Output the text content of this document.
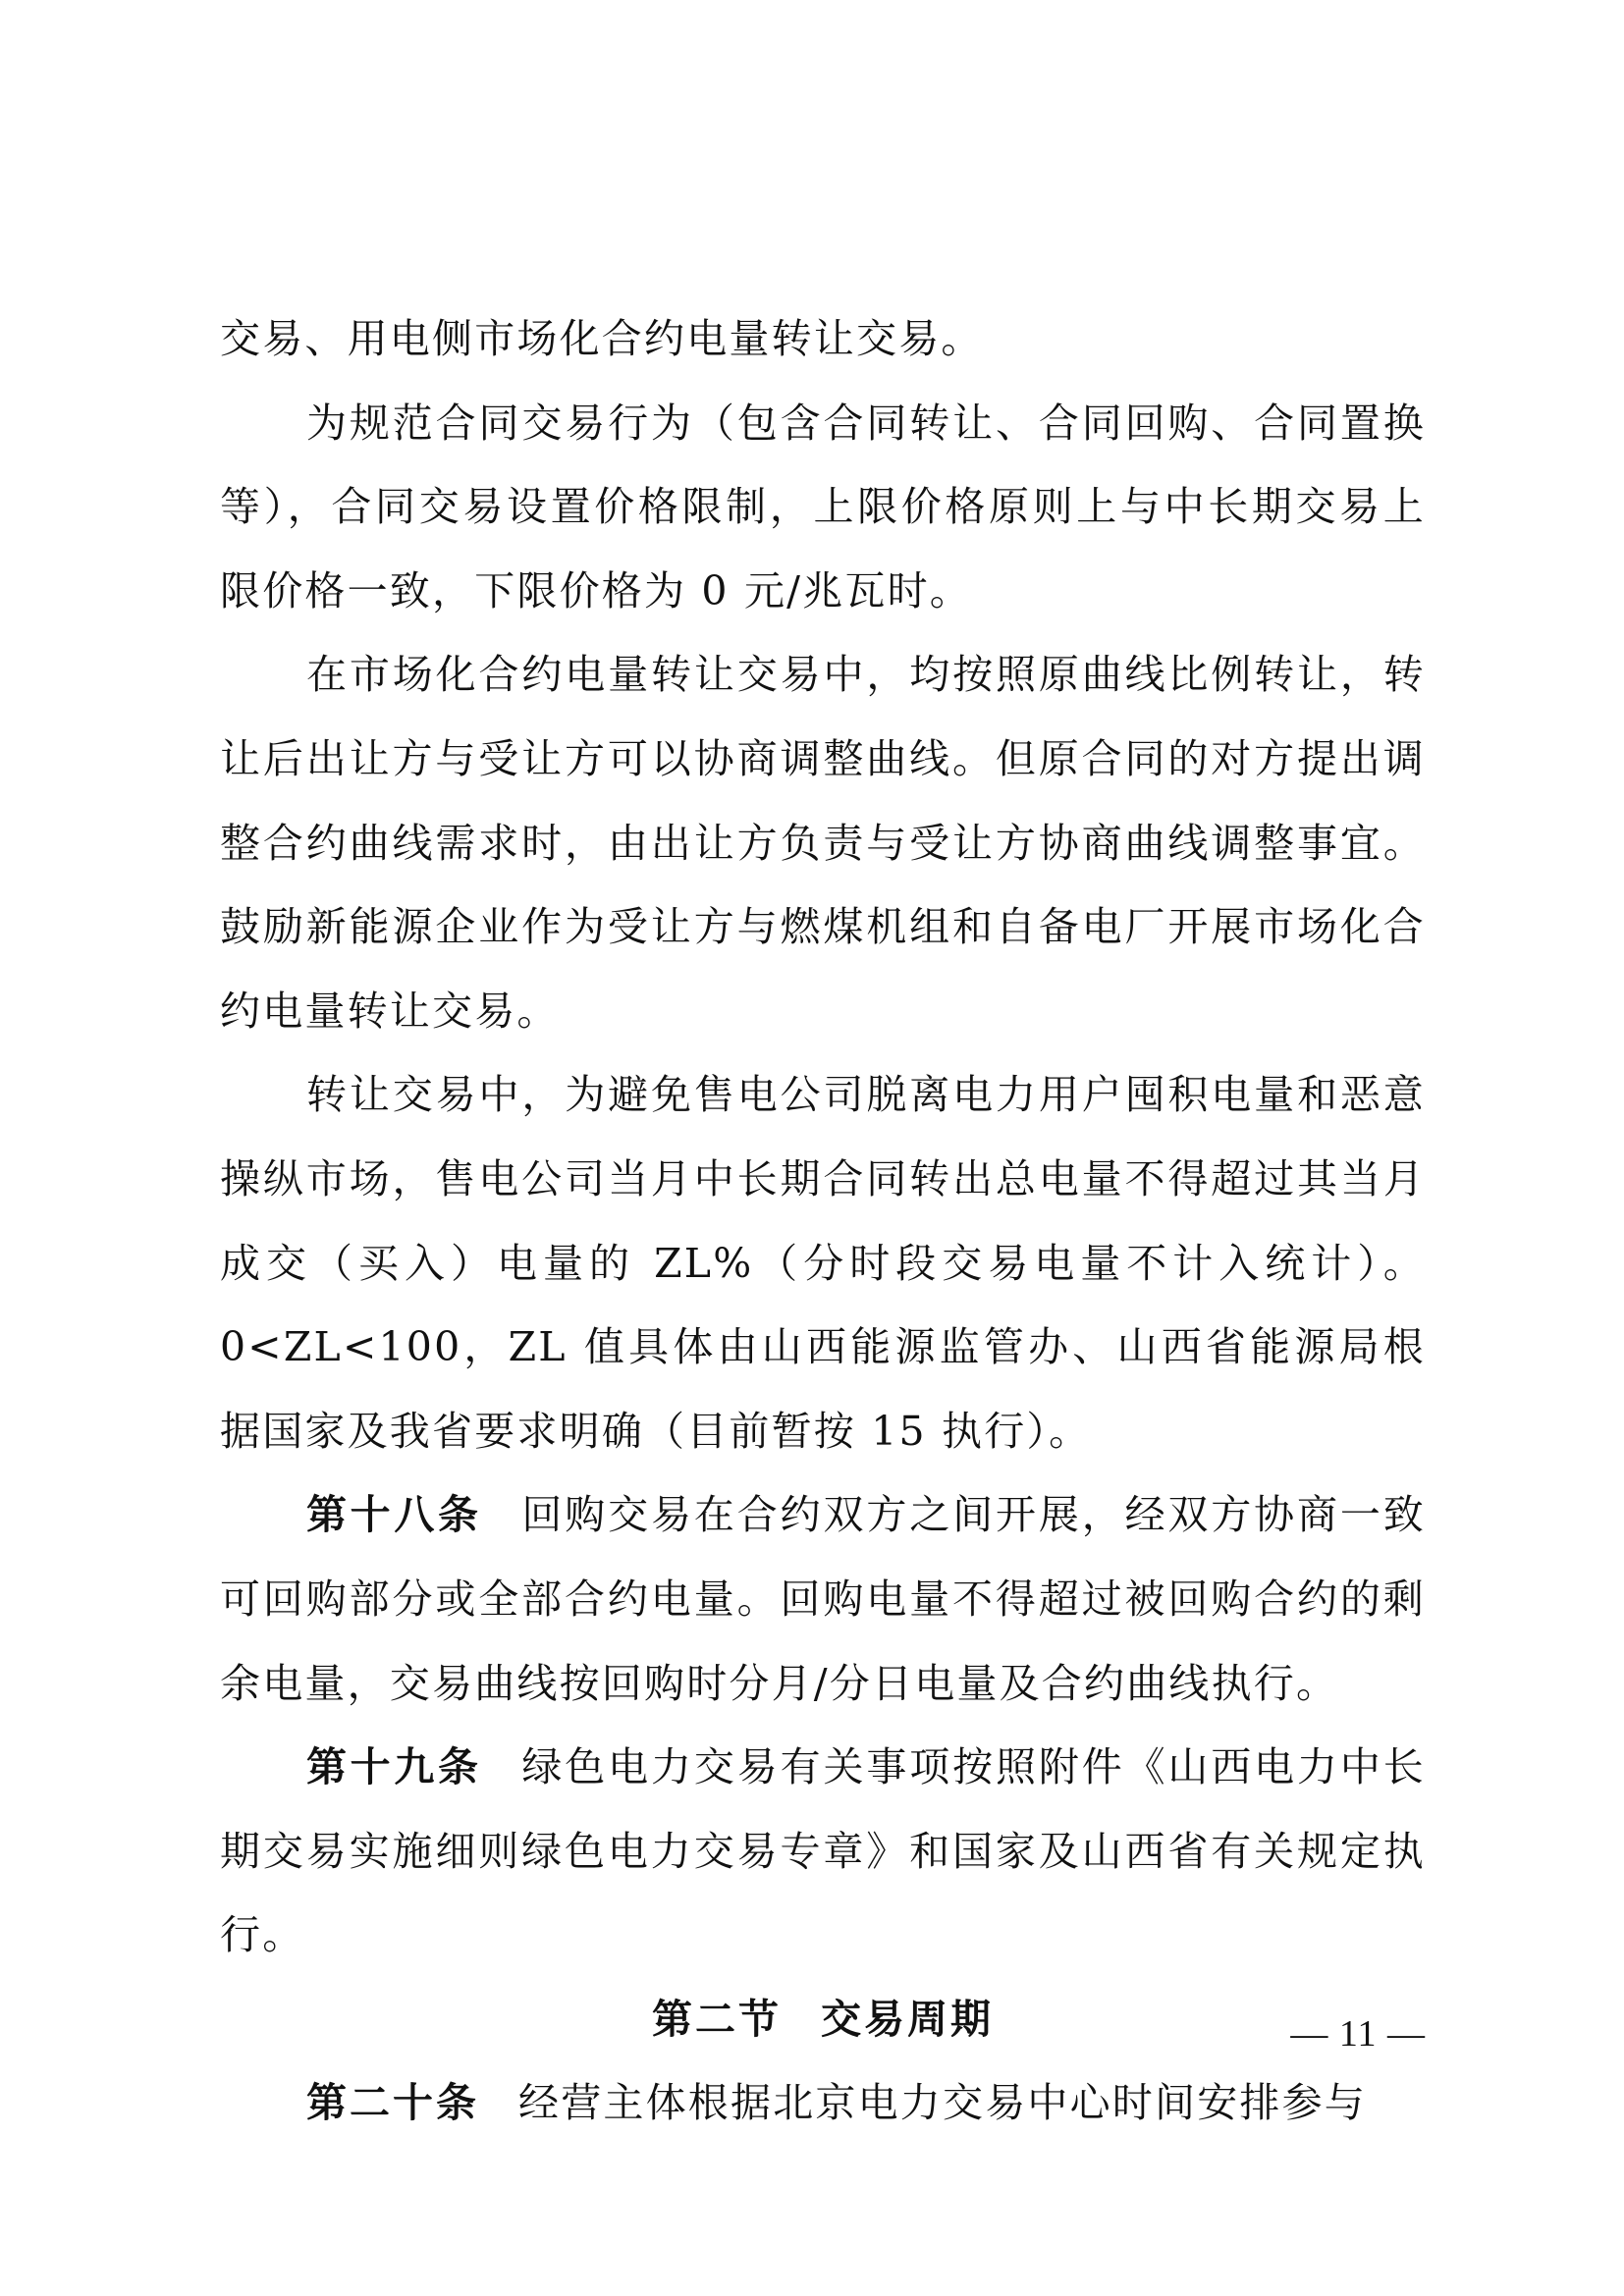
交易、用电侧市场化合约电量转让交易。

为规范合同交易行为（包含合同转让、合同回购、合同置换等），合同交易设置价格限制，上限价格原则上与中长期交易上限价格一致，下限价格为 0 元/兆瓦时。

在市场化合约电量转让交易中，均按照原曲线比例转让，转让后出让方与受让方可以协商调整曲线。但原合同的对方提出调整合约曲线需求时，由出让方负责与受让方协商曲线调整事宜。鼓励新能源企业作为受让方与燃煤机组和自备电厂开展市场化合约电量转让交易。

转让交易中，为避免售电公司脱离电力用户囤积电量和恶意操纵市场，售电公司当月中长期合同转出总电量不得超过其当月成交（买入）电量的 ZL%（分时段交易电量不计入统计）。0<ZL<100，ZL 值具体由山西能源监管办、山西省能源局根据国家及我省要求明确（目前暂按 15 执行）。

第十八条 回购交易在合约双方之间开展，经双方协商一致可回购部分或全部合约电量。回购电量不得超过被回购合约的剩余电量，交易曲线按回购时分月/分日电量及合约曲线执行。

第十九条 绿色电力交易有关事项按照附件《山西电力中长期交易实施细则绿色电力交易专章》和国家及山西省有关规定执行。

第二节 交易周期

第二十条 经营主体根据北京电力交易中心时间安排参与

— 11 —
